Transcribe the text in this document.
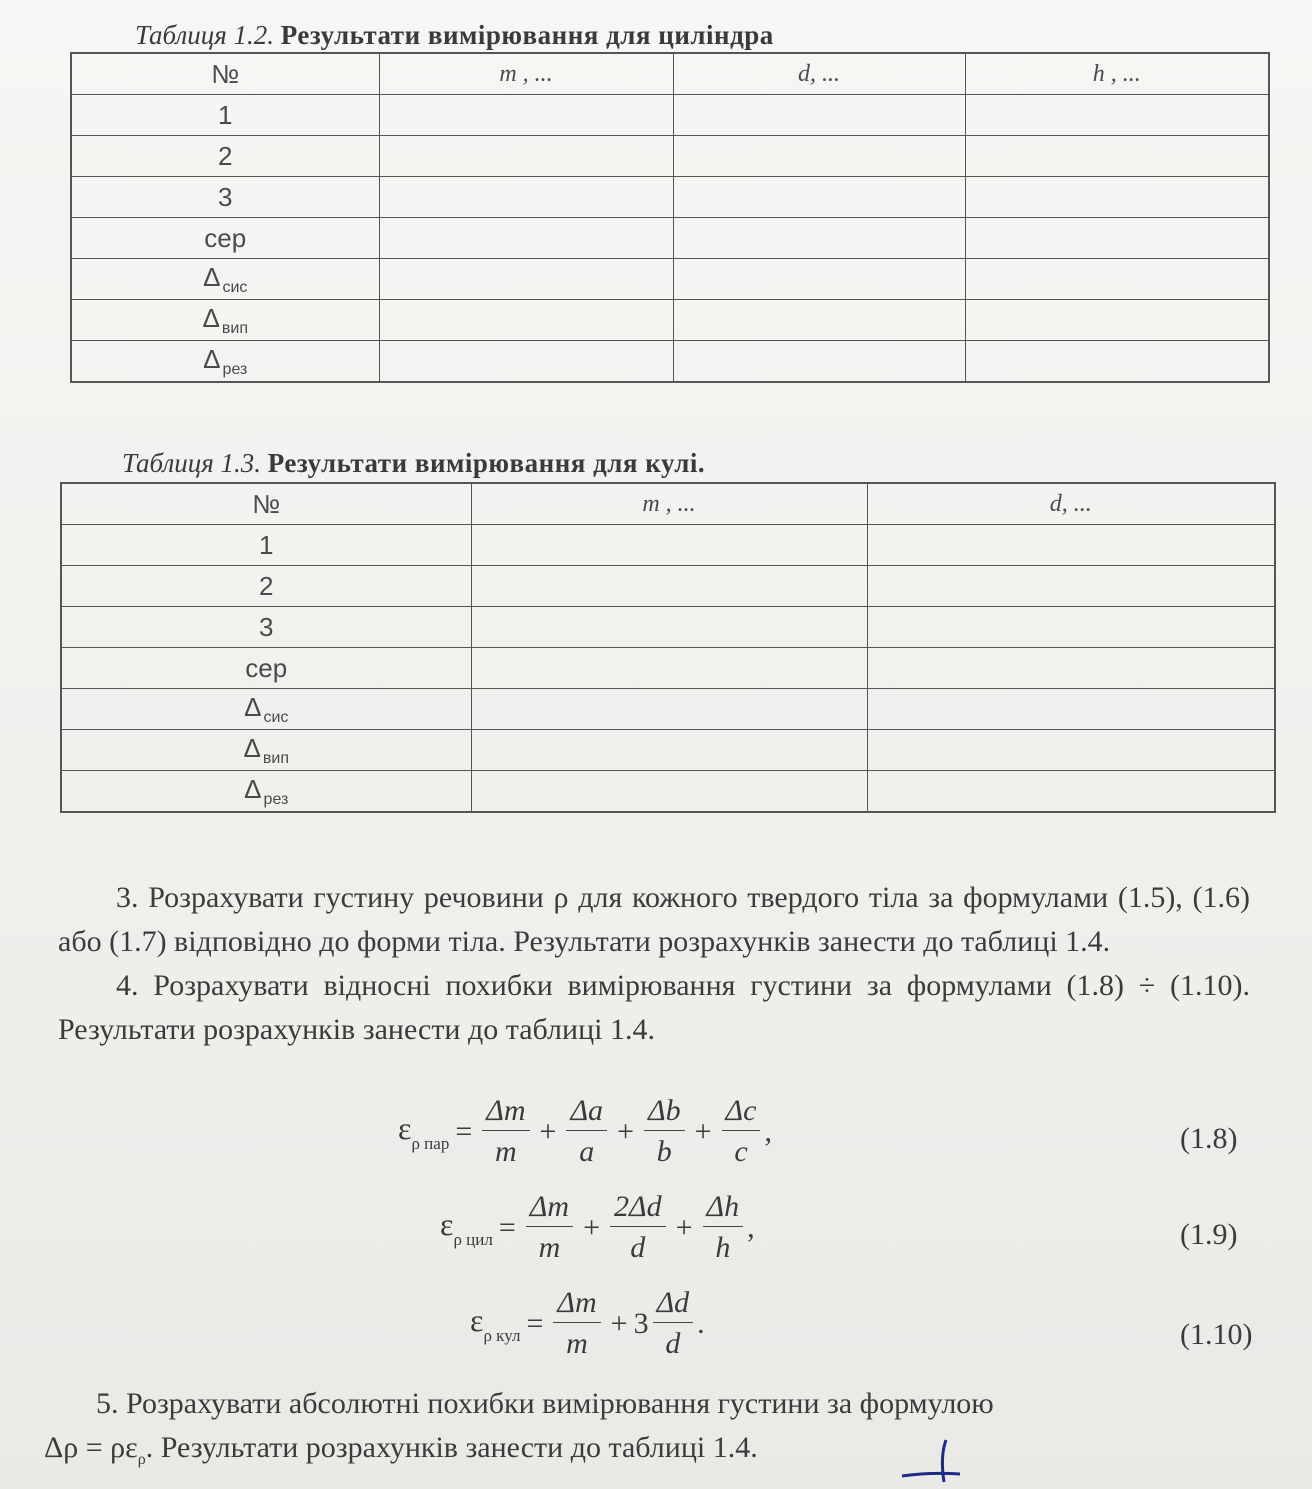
Таблиця 1.2. Результати вимірювання для циліндра
№	m , ...	d, ...	h , ...
1			
2			
3			
сер			
Δ $_{сис}$			
Δ $_{вип}$			
Δ $_{рез}$			
Таблиця 1.3. Результати вимірювання для кулі.
№	m , ...	d, ...
1		
2		
3		
сер		
Δ $_{сис}$		
Δ $_{вип}$		
Δ $_{рез}$		

3. Розрахувати густину речовини ρ для кожного твердого тіла за формулами (1.5), (1.6) або (1.7) відповідно до форми тіла. Результати розрахунків занести до таблиці 1.4.

4. Розрахувати відносні похибки вимірювання густини за формулами (1.8) ÷ (1.10). Результати розрахунків занести до таблиці 1.4.

$\varepsilon_{\rho пар} = \frac{\Delta m}{m} + \frac{\Delta a}{a} + \frac{\Delta b}{b} + \frac{\Delta c}{c}$ ,	(1.8)
$\varepsilon_{\rho цил} = \frac{\Delta m}{m} + \frac{2\Delta d}{d} + \frac{\Delta h}{h}$ ,	(1.9)
$\varepsilon_{\rho кул} = \frac{\Delta m}{m} + 3 \frac{\Delta d}{d}$ .	(1.10)

5. Розрахувати абсолютні похибки вимірювання густини за формулою

$\Delta\rho = \rho\varepsilon_\rho$. Результати розрахунків занести до таблиці 1.4.
